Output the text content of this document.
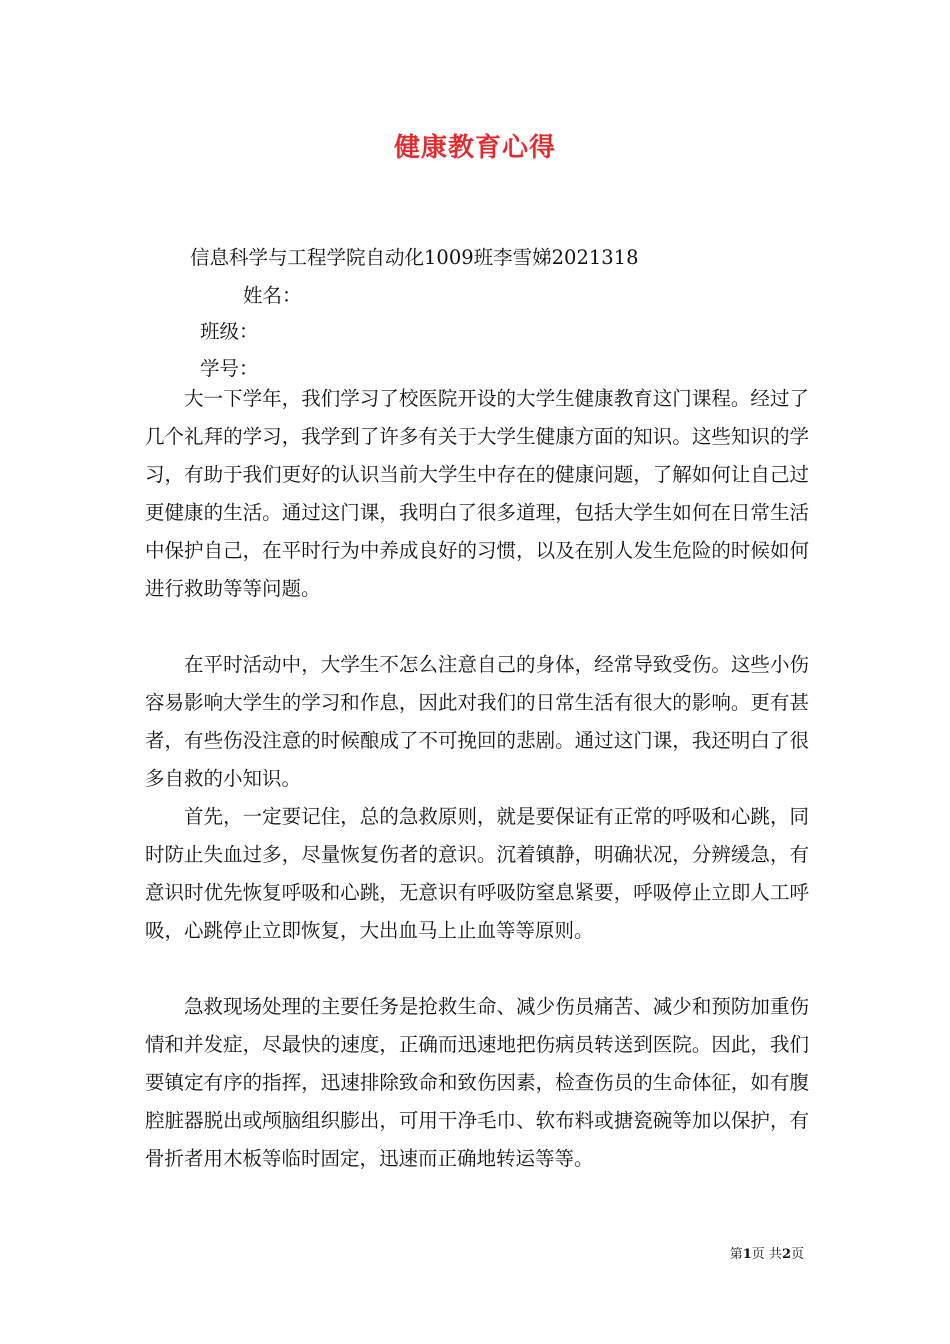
健康教育心得
信息科学与工程学院自动化1009班李雪娣2021318
姓名：
班级：
学号：

大一下学年，我们学习了校医院开设的大学生健康教育这门课程。经过了几个礼拜的学习，我学到了许多有关于大学生健康方面的知识。这些知识的学习，有助于我们更好的认识当前大学生中存在的健康问题，了解如何让自己过更健康的生活。通过这门课，我明白了很多道理，包括大学生如何在日常生活中保护自己，在平时行为中养成良好的习惯，以及在别人发生危险的时候如何进行救助等等问题。

在平时活动中，大学生不怎么注意自己的身体，经常导致受伤。这些小伤容易影响大学生的学习和作息，因此对我们的日常生活有很大的影响。更有甚者，有些伤没注意的时候酿成了不可挽回的悲剧。通过这门课，我还明白了很多自救的小知识。

首先，一定要记住，总的急救原则，就是要保证有正常的呼吸和心跳，同时防止失血过多，尽量恢复伤者的意识。沉着镇静，明确状况，分辨缓急，有意识时优先恢复呼吸和心跳，无意识有呼吸防窒息紧要，呼吸停止立即人工呼吸，心跳停止立即恢复，大出血马上止血等等原则。

急救现场处理的主要任务是抢救生命、减少伤员痛苦、减少和预防加重伤情和并发症，尽最快的速度，正确而迅速地把伤病员转送到医院。因此，我们要镇定有序的指挥，迅速排除致命和致伤因素，检查伤员的生命体征，如有腹腔脏器脱出或颅脑组织膨出，可用干净毛巾、软布料或搪瓷碗等加以保护，有骨折者用木板等临时固定，迅速而正确地转运等等。

第1页 共2页
